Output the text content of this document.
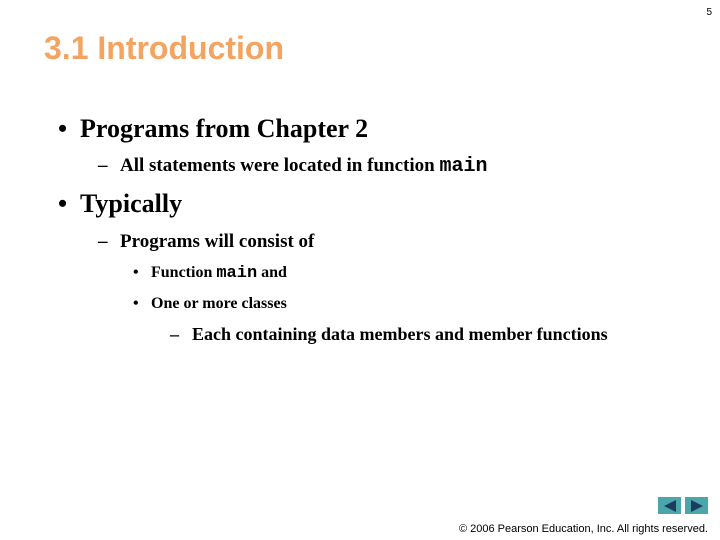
5
3.1 Introduction
• Programs from Chapter 2
– All statements were located in function main
• Typically
– Programs will consist of
• Function main and
• One or more classes
– Each containing data members and member functions
© 2006 Pearson Education, Inc. All rights reserved.
